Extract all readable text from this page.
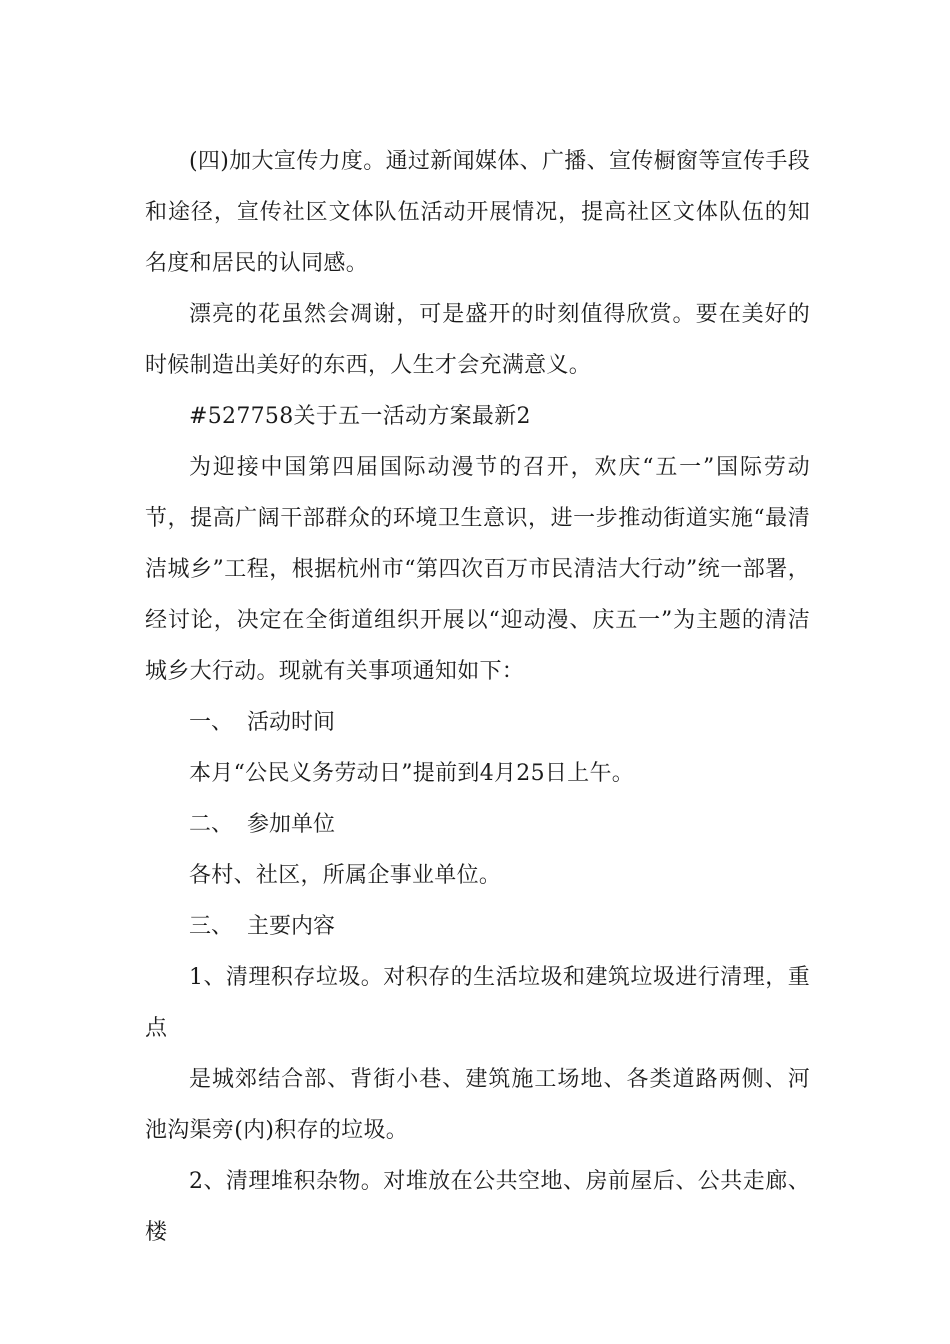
(四)加大宣传力度。通过新闻媒体、广播、宣传橱窗等宣传手段和途径，宣传社区文体队伍活动开展情况，提高社区文体队伍的知名度和居民的认同感。

漂亮的花虽然会凋谢，可是盛开的时刻值得欣赏。要在美好的时候制造出美好的东西，人生才会充满意义。

#527758关于五一活动方案最新2

为迎接中国第四届国际动漫节的召开，欢庆“五一”国际劳动节，提高广阔干部群众的环境卫生意识，进一步推动街道实施“最清洁城乡”工程，根据杭州市“第四次百万市民清洁大行动”统一部署，经讨论，决定在全街道组织开展以“迎动漫、庆五一”为主题的清洁城乡大行动。现就有关事项通知如下：

一、  活动时间

本月“公民义务劳动日”提前到4月25日上午。

二、  参加单位

各村、社区，所属企事业单位。

三、  主要内容

1、清理积存垃圾。对积存的生活垃圾和建筑垃圾进行清理，重点

是城郊结合部、背街小巷、建筑施工场地、各类道路两侧、河池沟渠旁(内)积存的垃圾。

2、清理堆积杂物。对堆放在公共空地、房前屋后、公共走廊、楼
